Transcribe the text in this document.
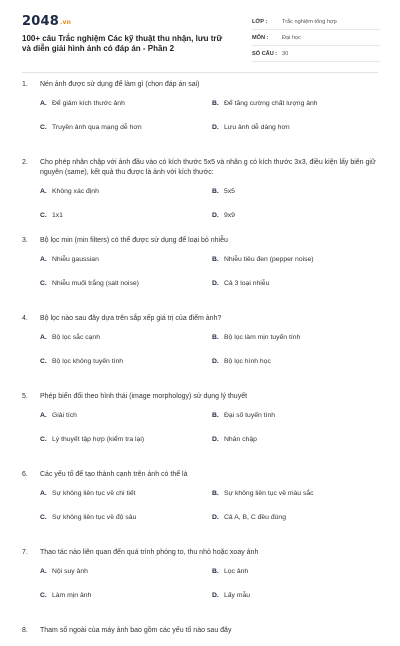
2048.vn
100+ câu Trắc nghiệm Các kỹ thuật thu nhận, lưu trữ và diễn giải hình ảnh có đáp án - Phần 2
LỚP :	Trắc nghiệm tổng hợp
MÔN :	Đại học
SỐ CÂU : 30
1.	Nén ảnh được sử dụng để làm gì (chọn đáp án sai)
A. Để giảm kích thước ảnh	B. Để tăng cường chất lượng ảnh
C. Truyền ảnh qua mạng dễ hơn	D. Lưu ảnh dễ dàng hơn
2.	Cho phép nhân chập với ảnh đầu vào có kích thước 5x5 và nhân g có kích thước 3x3, điều kiện lấy biên giữ nguyên (same), kết quả thu được là ảnh với kích thước:
A. Không xác định	B. 5x5
C. 1x1	D. 9x9
3.	Bộ lọc min (min filters) có thể được sử dụng để loại bỏ nhiễu
A. Nhiễu gaussian	B. Nhiễu tiêu đen (pepper noise)
C. Nhiễu muối trắng (salt noise)	D. Cả 3 loại nhiễu
4.	Bộ lọc nào sau đây dựa trên sắp xếp giá trị của điểm ảnh?
A. Bộ lọc sắc cạnh	B. Bộ lọc làm mịn tuyến tính
C. Bộ lọc không tuyến tính	D. Bộ lọc hình học
5.	Phép biến đổi theo hình thái (image morphology) sử dụng lý thuyết
A. Giải tích	B. Đại số tuyến tính
C. Lý thuyết tập hợp (kiểm tra lại)	D. Nhân chập
6.	Các yếu tố để tạo thành cạnh trên ảnh có thể là
A. Sự không liên tục về chi tiết	B. Sự không liên tục về màu sắc
C. Sự không liên tục về độ sâu	D. Cả A, B, C đều đúng
7.	Thao tác nào liên quan đến quá trình phóng to, thu nhỏ hoặc xoay ảnh
A. Nội suy ảnh	B. Lọc ảnh
C. Làm mịn ảnh	D. Lấy mẫu
8.	Tham số ngoài của máy ảnh bao gồm các yếu tố nào sau đây
